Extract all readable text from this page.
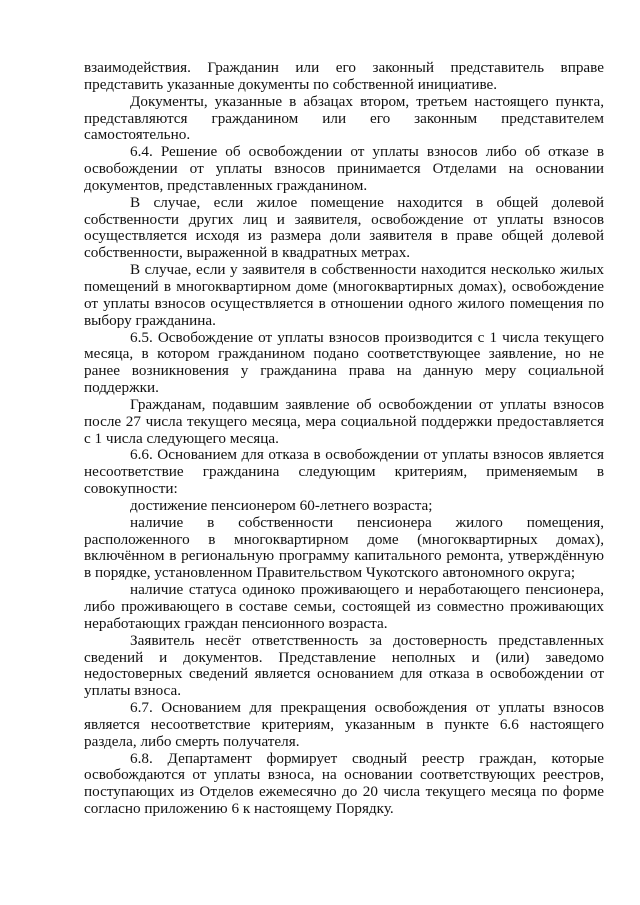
взаимодействия. Гражданин или его законный представитель вправе представить указанные документы по собственной инициативе.

Документы, указанные в абзацах втором, третьем настоящего пункта, представляются гражданином или его законным представителем самостоятельно.

6.4. Решение об освобождении от уплаты взносов либо об отказе в освобождении от уплаты взносов принимается Отделами на основании документов, представленных гражданином.

В случае, если жилое помещение находится в общей долевой собственности других лиц и заявителя, освобождение от уплаты взносов осуществляется исходя из размера доли заявителя в праве общей долевой собственности, выраженной в квадратных метрах.

В случае, если у заявителя в собственности находится несколько жилых помещений в многоквартирном доме (многоквартирных домах), освобождение от уплаты взносов осуществляется в отношении одного жилого помещения по выбору гражданина.

6.5. Освобождение от уплаты взносов производится с 1 числа текущего месяца, в котором гражданином подано соответствующее заявление, но не ранее возникновения у гражданина права на данную меру социальной поддержки.

Гражданам, подавшим заявление об освобождении от уплаты взносов после 27 числа текущего месяца, мера социальной поддержки предоставляется с 1 числа следующего месяца.

6.6. Основанием для отказа в освобождении от уплаты взносов является несоответствие гражданина следующим критериям, применяемым в совокупности:

достижение пенсионером 60-летнего возраста;

наличие в собственности пенсионера жилого помещения, расположенного в многоквартирном доме (многоквартирных домах), включённом в региональную программу капитального ремонта, утверждённую в порядке, установленном Правительством Чукотского автономного округа;

наличие статуса одиноко проживающего и неработающего пенсионера, либо проживающего в составе семьи, состоящей из совместно проживающих неработающих граждан пенсионного возраста.

Заявитель несёт ответственность за достоверность представленных сведений и документов. Представление неполных и (или) заведомо недостоверных сведений является основанием для отказа в освобождении от уплаты взноса.

6.7. Основанием для прекращения освобождения от уплаты взносов является несоответствие критериям, указанным в пункте 6.6 настоящего раздела, либо смерть получателя.

6.8. Департамент формирует сводный реестр граждан, которые освобождаются от уплаты взноса, на основании соответствующих реестров, поступающих из Отделов ежемесячно до 20 числа текущего месяца по форме согласно приложению 6 к настоящему Порядку.
